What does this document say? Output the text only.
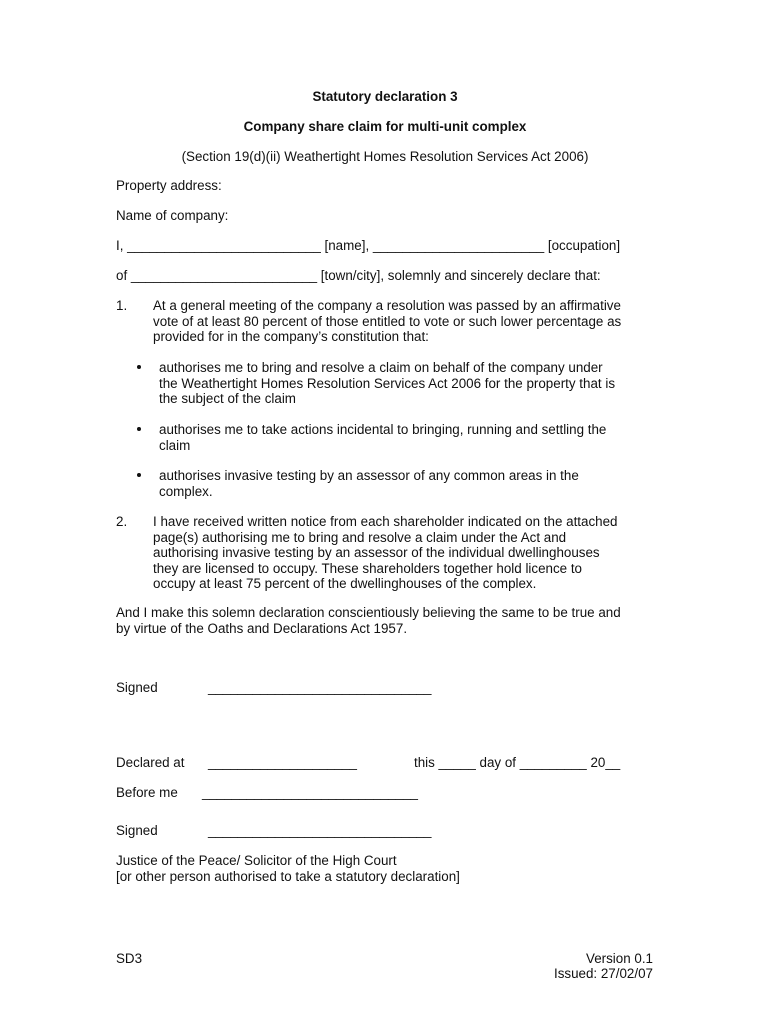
Statutory declaration 3
Company share claim for multi-unit complex
(Section 19(d)(ii) Weathertight Homes Resolution Services Act 2006)
Property address:
Name of company:
I, __________________________ [name], _______________________ [occupation]
of _________________________ [town/city], solemnly and sincerely declare that:
1. At a general meeting of the company a resolution was passed by an affirmative
vote of at least 80 percent of those entitled to vote or such lower percentage as
provided for in the company’s constitution that:
authorises me to bring and resolve a claim on behalf of the company under
the Weathertight Homes Resolution Services Act 2006 for the property that is
the subject of the claim
authorises me to take actions incidental to bringing, running and settling the
claim
authorises invasive testing by an assessor of any common areas in the
complex.
2. I have received written notice from each shareholder indicated on the attached
page(s) authorising me to bring and resolve a claim under the Act and
authorising invasive testing by an assessor of the individual dwellinghouses
they are licensed to occupy. These shareholders together hold licence to
occupy at least 75 percent of the dwellinghouses of the complex.
And I make this solemn declaration conscientiously believing the same to be true and
by virtue of the Oaths and Declarations Act 1957.
Signed	______________________________
Declared at ____________________	this _____ day of _________ 20__
Before me _____________________________
Signed	______________________________
Justice of the Peace/ Solicitor of the High Court
[or other person authorised to take a statutory declaration]
SD3	Version 0.1
Issued: 27/02/07
